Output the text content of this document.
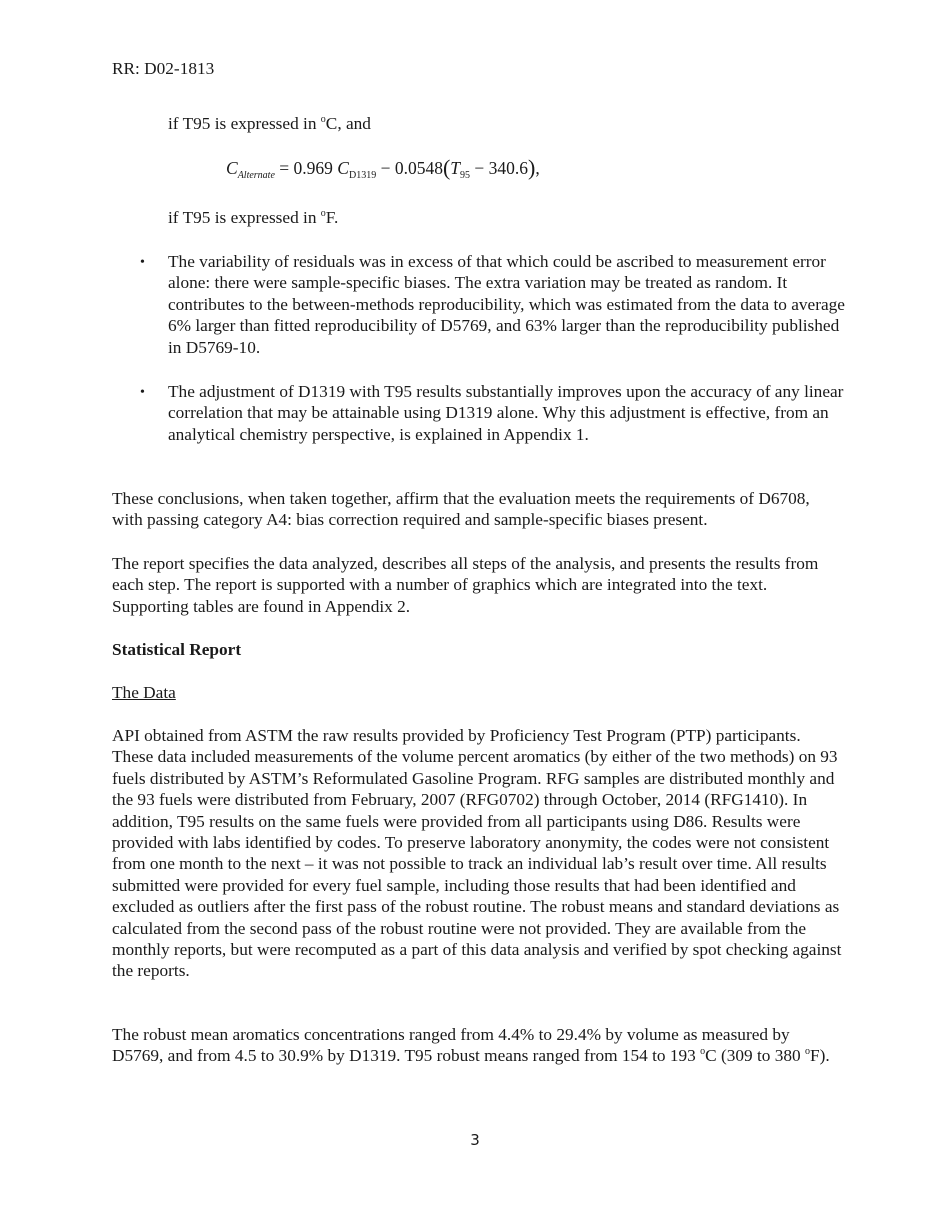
RR: D02-1813
if T95 is expressed in $^o$C, and
$C_{Alternate} = 0.969$ $C_{D1319} - 0.0548(T_{95} - 340.6)$,
if T95 is expressed in $^o$F.
• The variability of residuals was in excess of that which could be ascribed to measurement error alone: there were sample-specific biases. The extra variation may be treated as random. It contributes to the between-methods reproducibility, which was estimated from the data to average 6% larger than fitted reproducibility of D5769, and 63% larger than the reproducibility published in D5769-10.

• The adjustment of D1319 with T95 results substantially improves upon the accuracy of any linear correlation that may be attainable using D1319 alone. Why this adjustment is effective, from an analytical chemistry perspective, is explained in Appendix 1.

These conclusions, when taken together, affirm that the evaluation meets the requirements of D6708, with passing category A4: bias correction required and sample-specific biases present.

The report specifies the data analyzed, describes all steps of the analysis, and presents the results from each step. The report is supported with a number of graphics which are integrated into the text. Supporting tables are found in Appendix 2.

Statistical Report
The Data

API obtained from ASTM the raw results provided by Proficiency Test Program (PTP) participants. These data included measurements of the volume percent aromatics (by either of the two methods) on 93 fuels distributed by ASTM’s Reformulated Gasoline Program. RFG samples are distributed monthly and the 93 fuels were distributed from February, 2007 (RFG0702) through October, 2014 (RFG1410). In addition, T95 results on the same fuels were provided from all participants using D86. Results were provided with labs identified by codes. To preserve laboratory anonymity, the codes were not consistent from one month to the next – it was not possible to track an individual lab’s result over time. All results submitted were provided for every fuel sample, including those results that had been identified and excluded as outliers after the first pass of the robust routine. The robust means and standard deviations as calculated from the second pass of the robust routine were not provided. They are available from the monthly reports, but were recomputed as a part of this data analysis and verified by spot checking against the reports.

The robust mean aromatics concentrations ranged from 4.4% to 29.4% by volume as measured by D5769, and from 4.5 to 30.9% by D1319. T95 robust means ranged from 154 to 193 $^o$C (309 to 380 $^o$F).

3
